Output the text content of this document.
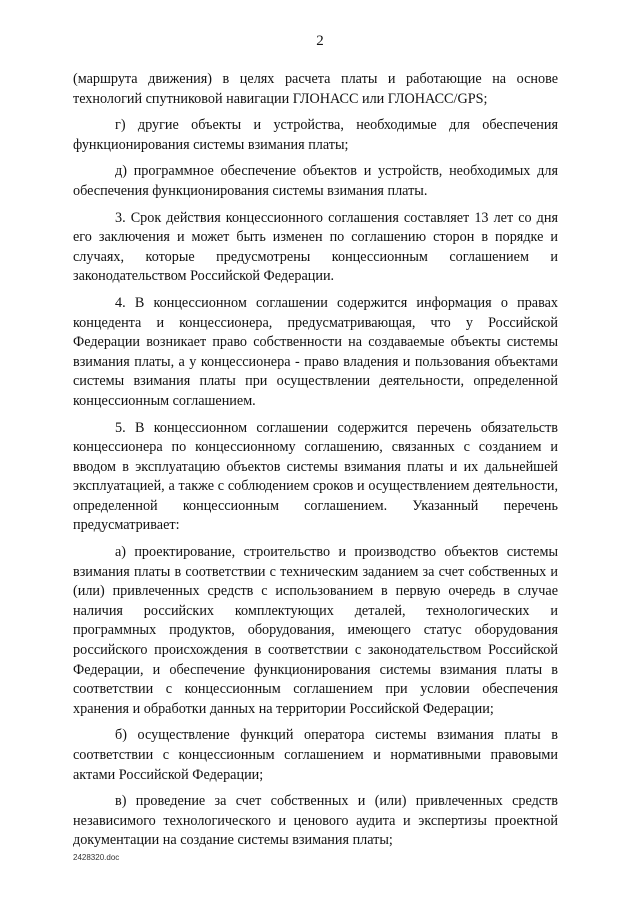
2

(маршрута движения) в целях расчета платы и работающие на основе технологий спутниковой навигации ГЛОНАСС или ГЛОНАСС/GPS;

г) другие объекты и устройства, необходимые для обеспечения функционирования системы взимания платы;

д) программное обеспечение объектов и устройств, необходимых для обеспечения функционирования системы взимания платы.

3. Срок действия концессионного соглашения составляет 13 лет со дня его заключения и может быть изменен по соглашению сторон в порядке и случаях, которые предусмотрены концессионным соглашением и законодательством Российской Федерации.

4. В концессионном соглашении содержится информация о правах концедента и концессионера, предусматривающая, что у Российской Федерации возникает право собственности на создаваемые объекты системы взимания платы, а у концессионера - право владения и пользования объектами системы взимания платы при осуществлении деятельности, определенной концессионным соглашением.

5. В концессионном соглашении содержится перечень обязательств концессионера по концессионному соглашению, связанных с созданием и вводом в эксплуатацию объектов системы взимания платы и их дальнейшей эксплуатацией, а также с соблюдением сроков и осуществлением деятельности, определенной концессионным соглашением. Указанный перечень предусматривает:

а) проектирование, строительство и производство объектов системы взимания платы в соответствии с техническим заданием за счет собственных и (или) привлеченных средств с использованием в первую очередь в случае наличия российских комплектующих деталей, технологических и программных продуктов, оборудования, имеющего статус оборудования российского происхождения в соответствии с законодательством Российской Федерации, и обеспечение функционирования системы взимания платы в соответствии с концессионным соглашением при условии обеспечения хранения и обработки данных на территории Российской Федерации;

б) осуществление функций оператора системы взимания платы в соответствии с концессионным соглашением и нормативными правовыми актами Российской Федерации;

в) проведение за счет собственных и (или) привлеченных средств независимого технологического и ценового аудита и экспертизы проектной документации на создание системы взимания платы;

2428320.doc
